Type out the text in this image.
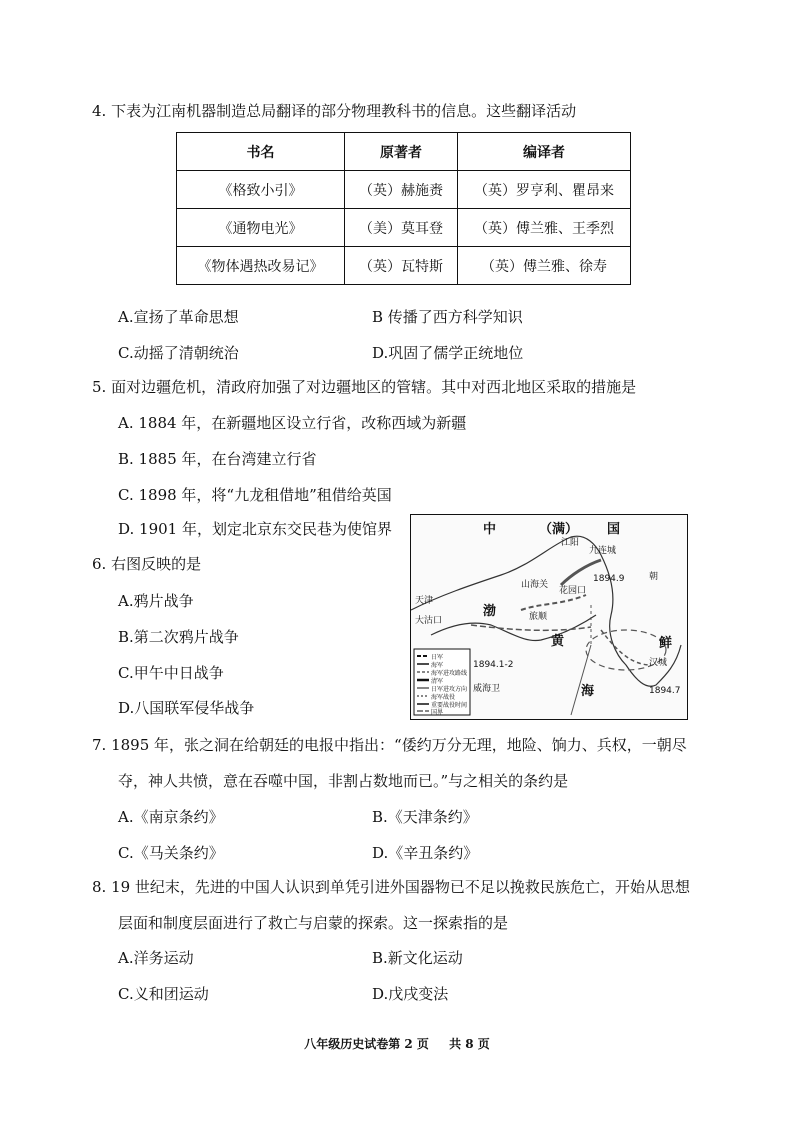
4. 下表为江南机器制造总局翻译的部分物理教科书的信息。这些翻译活动
书名	原著者	编译者
《格致小引》	（英）赫施赉	（英）罗亨利、瞿昂来
《通物电光》	（美）莫耳登	（英）傅兰雅、王季烈
《物体遇热改易记》	（英）瓦特斯	（英）傅兰雅、徐寿
A.宣扬了革命思想	B 传播了西方科学知识
C.动摇了清朝统治	D.巩固了儒学正统地位
5. 面对边疆危机，清政府加强了对边疆地区的管辖。其中对西北地区采取的措施是
A. 1884 年，在新疆地区设立行省，改称西域为新疆
B. 1885 年，在台湾建立行省
C. 1898 年，将“九龙租借地”租借给英国
D. 1901 年，划定北京东交民巷为使馆界
6. 右图反映的是
A.鸦片战争
B.第二次鸦片战争
C.甲午中日战争
D.八国联军侵华战争
中	（满） 国
江阳
九连城
朝
山海关
天津
大沽口
花园口
1894.9
旅顺
渤
黄	鲜
汉城
1894.1-2
威海卫	海	1894.7
日军
海军
海军进攻路线
清军
日军进攻方向
海军战役
重要战役时间
国界
7. 1895 年，张之洞在给朝廷的电报中指出：“倭约万分无理，地险、饷力、兵权，一朝尽
夺，神人共愤，意在吞噬中国，非割占数地而已。”与之相关的条约是
A.《南京条约》	B.《天津条约》
C.《马关条约》	D.《辛丑条约》
8. 19 世纪末，先进的中国人认识到单凭引进外国器物已不足以挽救民族危亡，开始从思想
层面和制度层面进行了救亡与启蒙的探索。这一探索指的是
A.洋务运动	B.新文化运动
C.义和团运动	D.戊戌变法
八年级历史试卷第 2 页 共 8 页
